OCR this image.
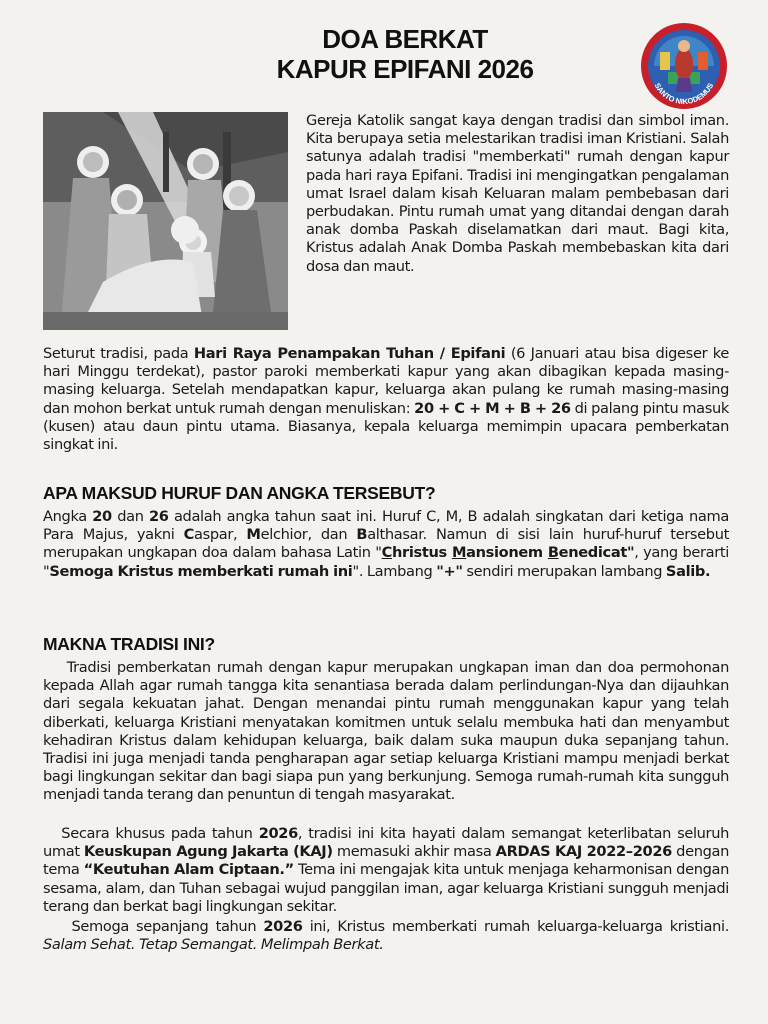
DOA BERKAT
KAPUR EPIFANI 2026
SANTO NIKODEMUS

Gereja Katolik sangat kaya dengan tradisi dan simbol iman. Kita berupaya setia melestarikan tradisi iman Kristiani. Salah satunya adalah tradisi "memberkati" rumah dengan kapur pada hari raya Epifani. Tradisi ini mengingatkan pengalaman umat Israel dalam kisah Keluaran malam pembebasan dari perbudakan. Pintu rumah umat yang ditandai dengan darah anak domba Paskah diselamatkan dari maut. Bagi kita, Kristus adalah Anak Domba Paskah membebaskan kita dari dosa dan maut.

Seturut tradisi, pada Hari Raya Penampakan Tuhan / Epifani (6 Januari atau bisa digeser ke hari Minggu terdekat), pastor paroki memberkati kapur yang akan dibagikan kepada masing-masing keluarga. Setelah mendapatkan kapur, keluarga akan pulang ke rumah masing-masing dan mohon berkat untuk rumah dengan menuliskan: 20 + C + M + B + 26 di palang pintu masuk (kusen) atau daun pintu utama. Biasanya, kepala keluarga memimpin upacara pemberkatan singkat ini.

APA MAKSUD HURUF DAN ANGKA TERSEBUT?

Angka 20 dan 26 adalah angka tahun saat ini. Huruf C, M, B adalah singkatan dari ketiga nama Para Majus, yakni Caspar, Melchior, dan Balthasar. Namun di sisi lain huruf-huruf tersebut merupakan ungkapan doa dalam bahasa Latin "Christus Mansionem Benedicat", yang berarti "Semoga Kristus memberkati rumah ini". Lambang "+" sendiri merupakan lambang Salib.

MAKNA TRADISI INI?

Tradisi pemberkatan rumah dengan kapur merupakan ungkapan iman dan doa permohonan kepada Allah agar rumah tangga kita senantiasa berada dalam perlindungan-Nya dan dijauhkan dari segala kekuatan jahat. Dengan menandai pintu rumah menggunakan kapur yang telah diberkati, keluarga Kristiani menyatakan komitmen untuk selalu membuka hati dan menyambut kehadiran Kristus dalam kehidupan keluarga, baik dalam suka maupun duka sepanjang tahun. Tradisi ini juga menjadi tanda pengharapan agar setiap keluarga Kristiani mampu menjadi berkat bagi lingkungan sekitar dan bagi siapa pun yang berkunjung. Semoga rumah-rumah kita sungguh menjadi tanda terang dan penuntun di tengah masyarakat.

Secara khusus pada tahun 2026, tradisi ini kita hayati dalam semangat keterlibatan seluruh umat Keuskupan Agung Jakarta (KAJ) memasuki akhir masa ARDAS KAJ 2022–2026 dengan tema “Keutuhan Alam Ciptaan.” Tema ini mengajak kita untuk menjaga keharmonisan dengan sesama, alam, dan Tuhan sebagai wujud panggilan iman, agar keluarga Kristiani sungguh menjadi terang dan berkat bagi lingkungan sekitar.

Semoga sepanjang tahun 2026 ini, Kristus memberkati rumah keluarga-keluarga kristiani.  Salam Sehat. Tetap Semangat. Melimpah Berkat.
